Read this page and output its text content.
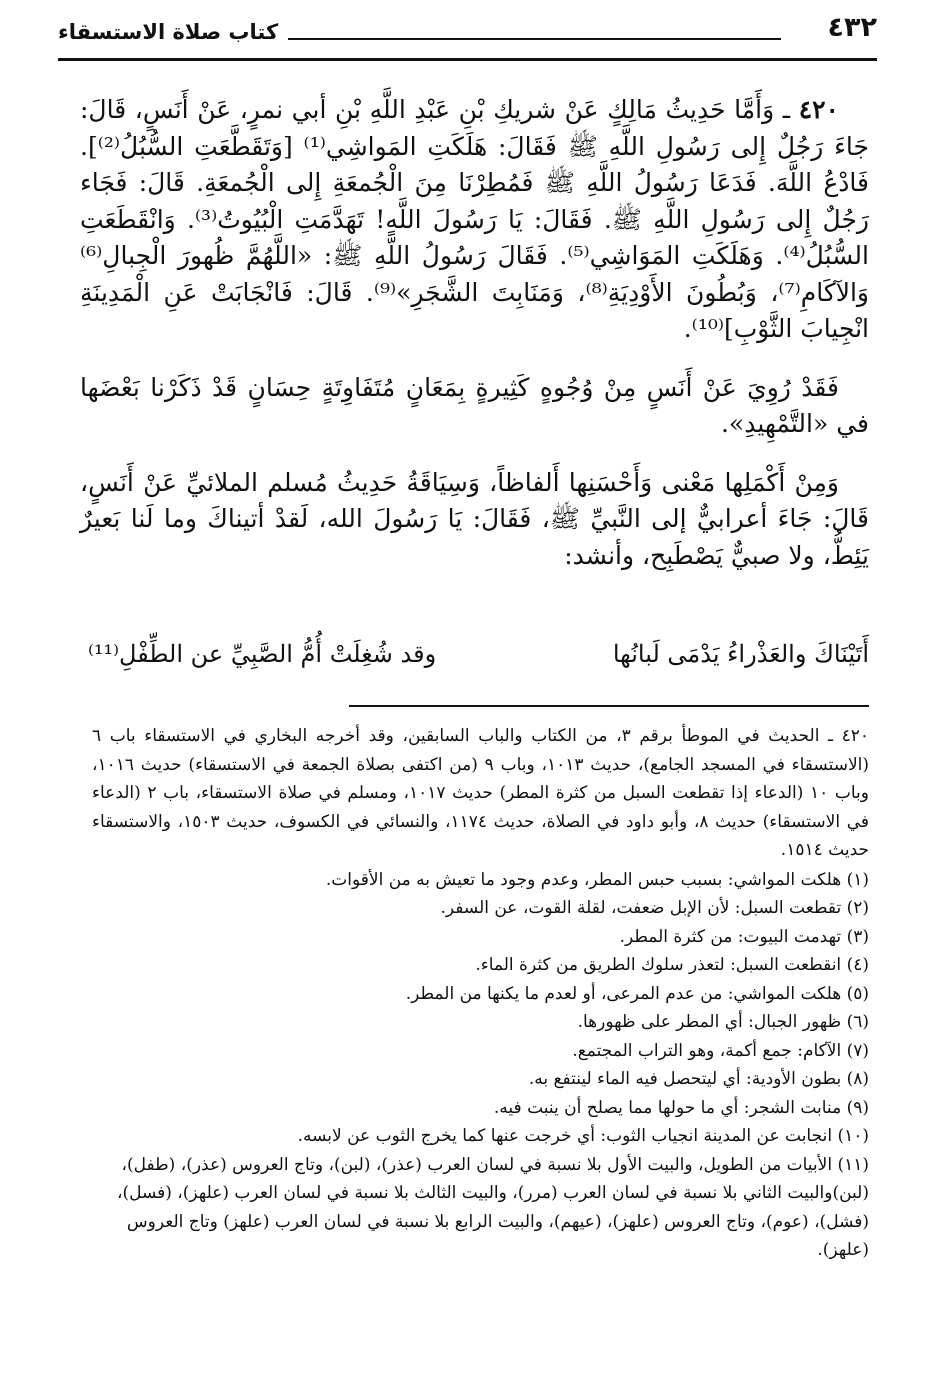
٤٣٢
كتاب صلاة الاستسقاء

٤٢٠ ـ وَأَمَّا حَدِيثُ مَالِكٍ عَنْ شريكِ بْنِ عَبْدِ اللَّهِ بْنِ أبي نمرٍ، عَنْ أَنَسٍ، قَالَ: جَاءَ رَجُلٌ إِلى رَسُولِ اللَّهِ ﷺ فَقَالَ: هَلَكَتِ المَواشِي⁽¹⁾ [وَتَقَطَّعَتِ السُّبُلُ⁽²⁾]. فَادْعُ اللَّهَ. فَدَعَا رَسُولُ اللَّهِ ﷺ فَمُطِرْنَا مِنَ الْجُمعَةِ إِلى الْجُمعَةِ. قَالَ: فَجَاء رَجُلٌ إِلى رَسُولِ اللَّهِ ﷺ. فَقَالَ: يَا رَسُولَ اللَّهِ! تَهَدَّمَتِ الْبُيُوتُ⁽³⁾. وَانْقَطَعَتِ السُّبُلُ⁽⁴⁾. وَهَلَكَتِ المَوَاشِي⁽⁵⁾. فَقَالَ رَسُولُ اللَّهِ ﷺ: «اللَّهُمَّ ظُهورَ الْجِبالِ⁽⁶⁾ وَالآكَامِ⁽⁷⁾، وَبُطُونَ الأَوْدِيَةِ⁽⁸⁾، وَمَنَابِتَ الشَّجَرِ»⁽⁹⁾. قَالَ: فَانْجَابَتْ عَنِ الْمَدِينَةِ انْجِيابَ الثَّوْبِ]⁽¹⁰⁾.

فَقَدْ رُوِيَ عَنْ أَنَسٍ مِنْ وُجُوهٍ كَثِيرةٍ بِمَعَانٍ مُتَفَاوِتَةٍ حِسَانٍ قَدْ ذَكَرْنا بَعْضَها في «التَّمْهِيدِ».

وَمِنْ أَكْمَلِها مَعْنى وَأَحْسَنِها أَلفاظاً، وَسِيَاقَةُ حَدِيثُ مُسلم الملائيِّ عَنْ أَنَسٍ، قَالَ: جَاءَ أعرابيٌّ إلى النَّبيِّ ﷺ، فَقَالَ: يَا رَسُولَ الله، لَقدْ أتيناكَ وما لَنا بَعيرٌ يَئِطُّ، ولا صبيٌّ يَصْطَبِح، وأنشد:

أَتَيْنَاكَ والعَذْراءُ يَدْمَى لَبانُها
وقد شُغِلَتْ أُمُّ الصَّبِيِّ عن الطِّفْلِ⁽¹¹⁾

٤٢٠ ـ الحديث في الموطأ برقم ٣، من الكتاب والباب السابقين، وقد أخرجه البخاري في الاستسقاء باب ٦ (الاستسقاء في المسجد الجامع)، حديث ١٠١٣، وباب ٩ (من اكتفى بصلاة الجمعة في الاستسقاء) حديث ١٠١٦، وباب ١٠ (الدعاء إذا تقطعت السبل من كثرة المطر) حديث ١٠١٧، ومسلم في صلاة الاستسقاء، باب ٢ (الدعاء في الاستسقاء) حديث ٨، وأبو داود في الصلاة، حديث ١١٧٤، والنسائي في الكسوف، حديث ١٥٠٣، والاستسقاء حديث ١٥١٤.

(١) هلكت المواشي: بسبب حبس المطر، وعدم وجود ما تعيش به من الأقوات.
(٢) تقطعت السبل: لأن الإبل ضعفت، لقلة القوت، عن السفر.
(٣) تهدمت البيوت: من كثرة المطر.
(٤) انقطعت السبل: لتعذر سلوك الطريق من كثرة الماء.
(٥) هلكت المواشي: من عدم المرعى، أو لعدم ما يكنها من المطر.
(٦) ظهور الجبال: أي المطر على ظهورها.
(٧) الآكام: جمع أكمة، وهو التراب المجتمع.
(٨) بطون الأودية: أي ليتحصل فيه الماء لينتفع به.
(٩) منابت الشجر: أي ما حولها مما يصلح أن ينبت فيه.
(١٠) انجابت عن المدينة انجياب الثوب: أي خرجت عنها كما يخرج الثوب عن لابسه.
(١١) الأبيات من الطويل، والبيت الأول بلا نسبة في لسان العرب (عذر)، (لبن)، وتاج العروس (عذر)، (طفل)، (لبن)والبيت الثاني بلا نسبة في لسان العرب (مرر)، والبيت الثالث بلا نسبة في لسان العرب (علهز)، (فسل)، (فشل)، (عوم)، وتاج العروس (علهز)، (عيهم)، والبيت الرابع بلا نسبة في لسان العرب (علهز) وتاج العروس (علهز).
